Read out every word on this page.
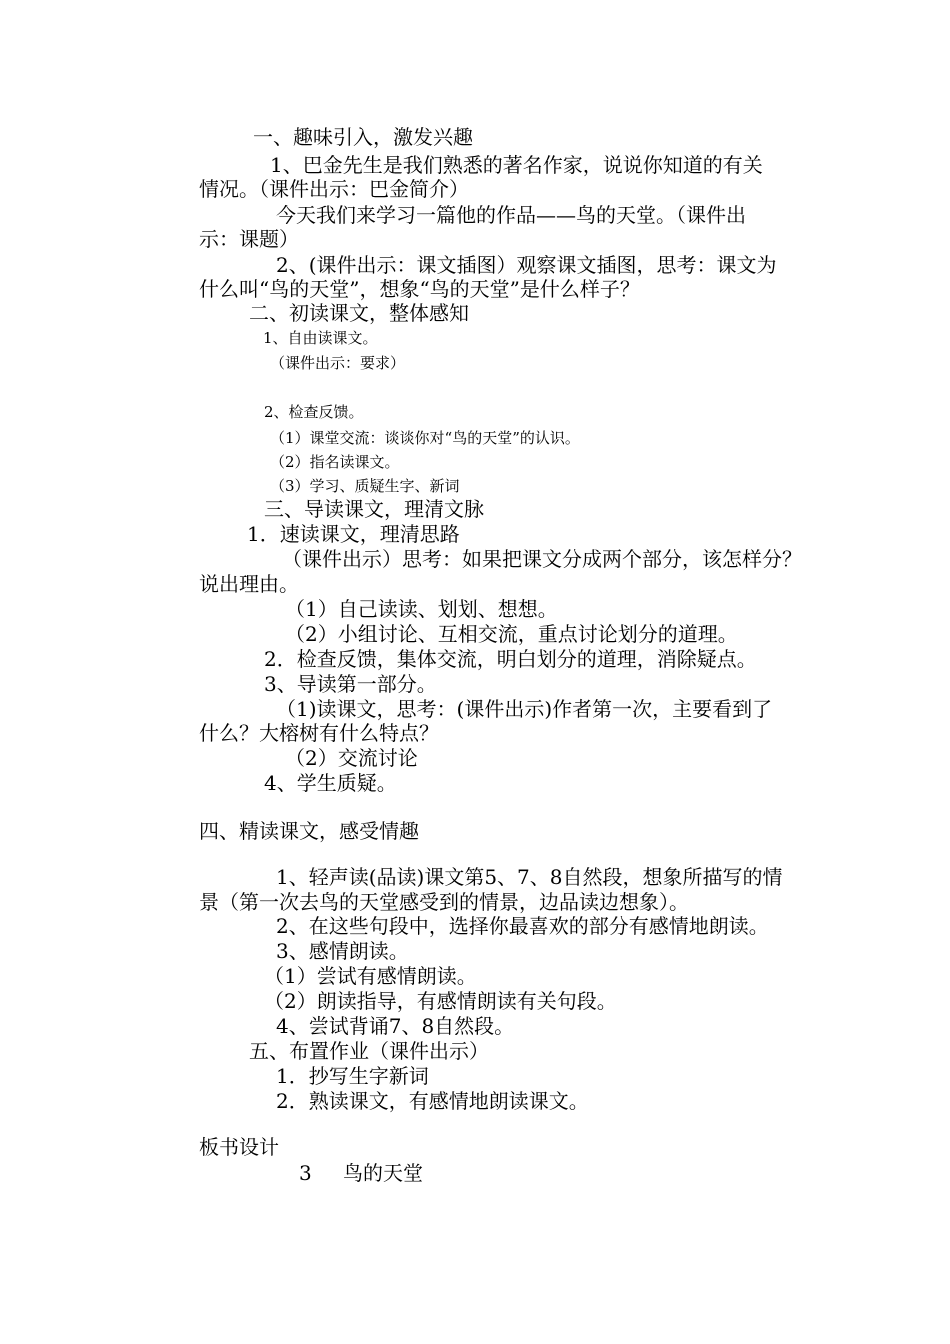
一、趣味引入，激发兴趣
1、巴金先生是我们熟悉的著名作家，说说你知道的有关
情况。（课件出示：巴金简介）
今天我们来学习一篇他的作品——鸟的天堂。（课件出
示：课题）
2、(课件出示：课文插图）观察课文插图，思考：课文为
什么叫“鸟的天堂”，想象“鸟的天堂”是什么样子？
二、初读课文，整体感知
1、自由读课文。
（课件出示：要求）
2、检查反馈。
（1）课堂交流：谈谈你对“鸟的天堂”的认识。
（2）指名读课文。
（3）学习、质疑生字、新词
三、导读课文，理清文脉
1．速读课文，理清思路
（课件出示）思考：如果把课文分成两个部分，该怎样分？
说出理由。
（1）自己读读、划划、想想。
（2）小组讨论、互相交流，重点讨论划分的道理。
2．检查反馈，集体交流，明白划分的道理，消除疑点。
3、导读第一部分。
（1)读课文，思考：(课件出示)作者第一次，主要看到了
什么？大榕树有什么特点？
（2）交流讨论
4、学生质疑。
四、精读课文，感受情趣
1、轻声读(品读)课文第5、7、8自然段，想象所描写的情
景（第一次去鸟的天堂感受到的情景，边品读边想象）。
2、在这些句段中，选择你最喜欢的部分有感情地朗读。
3、感情朗读。
（1）尝试有感情朗读。
（2）朗读指导，有感情朗读有关句段。
4、尝试背诵7、8自然段。
五、布置作业（课件出示）
1．抄写生字新词
2．熟读课文，有感情地朗读课文。
板书设计
3 鸟的天堂
